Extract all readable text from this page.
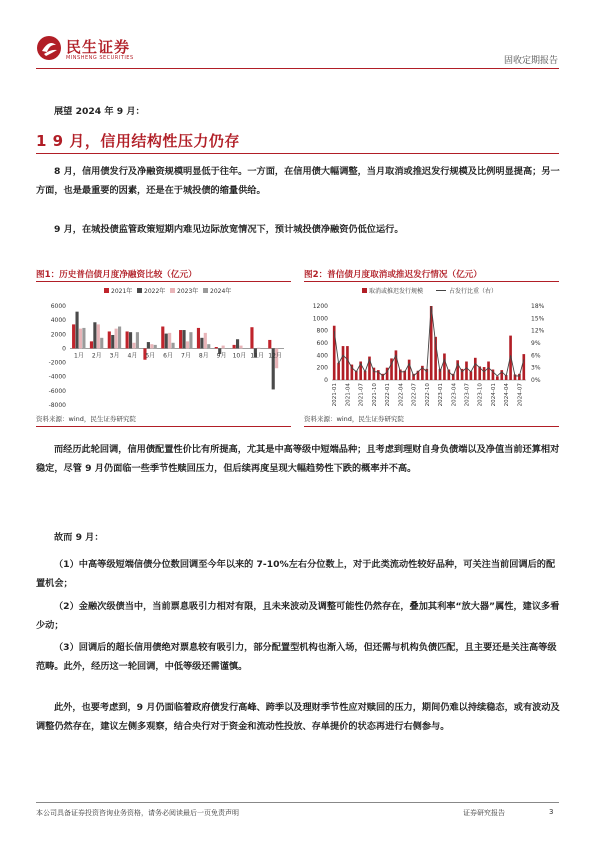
民生证券
MINSHENG SECURITIES	固收定期报告
展望 2024 年 9 月：
1 9 月，信用结构性压力仍存
8 月，信用债发行及净融资规模明显低于往年。一方面，在信用债大幅调整，当月取消或推迟发行规模及比例明显提高；另一方面，也是最重要的因素，还是在于城投债的缩量供给。
9 月，在城投债监管政策短期内难见边际放宽情况下，预计城投债净融资仍低位运行。
图1：历史普信债月度净融资比较（亿元）
2021年 2022年 2023年 2024年
6000
4000
2000
0
-2000
-4000
-6000
-8000
1月 2月 3月 4月 5月 6月 7月 8月 9月 10月 11月 12月
资料来源：wind，民生证券研究院
图2：普信债月度取消或推迟发行情况（亿元）
取消或推迟发行规模	占发行比重（右）
0
200
400
600
800
1000
1200
0%
3%
6%
9%
12%
15%
18%
2021-01 2021-04 2021-07 2021-10 2022-01 2022-04 2022-07 2022-10 2023-01 2023-04 2023-07 2023-10 2024-01 2024-04 2024-07
资料来源：wind，民生证券研究院
而经历此轮回调，信用债配置性价比有所提高，尤其是中高等级中短端品种；且考虑到理财自身负债端以及净值当前还算相对稳定，尽管 9 月仍面临一些季节性赎回压力，但后续再度呈现大幅趋势性下跌的概率并不高。
故而 9 月：
（1）中高等级短端信债分位数回调至今年以来的 7-10%左右分位数上，对于此类流动性较好品种，可关注当前回调后的配置机会；
（2）金融次级债当中，当前票息吸引力相对有限，且未来波动及调整可能性仍然存在，叠加其利率“放大器”属性，建议多看少动；
（3）回调后的超长信用债绝对票息较有吸引力，部分配置型机构也渐入场，但还需与机构负债匹配，且主要还是关注高等级范畴。此外，经历这一轮回调，中低等级还需谨慎。
此外，也要考虑到，9 月仍面临着政府债发行高峰、跨季以及理财季节性应对赎回的压力，期间仍难以持续稳态，或有波动及调整仍然存在，建议左侧多观察，结合央行对于资金和流动性投放、存单提价的状态再进行右侧参与。
本公司具备证券投资咨询业务资格，请务必阅读最后一页免责声明	证券研究报告	3
